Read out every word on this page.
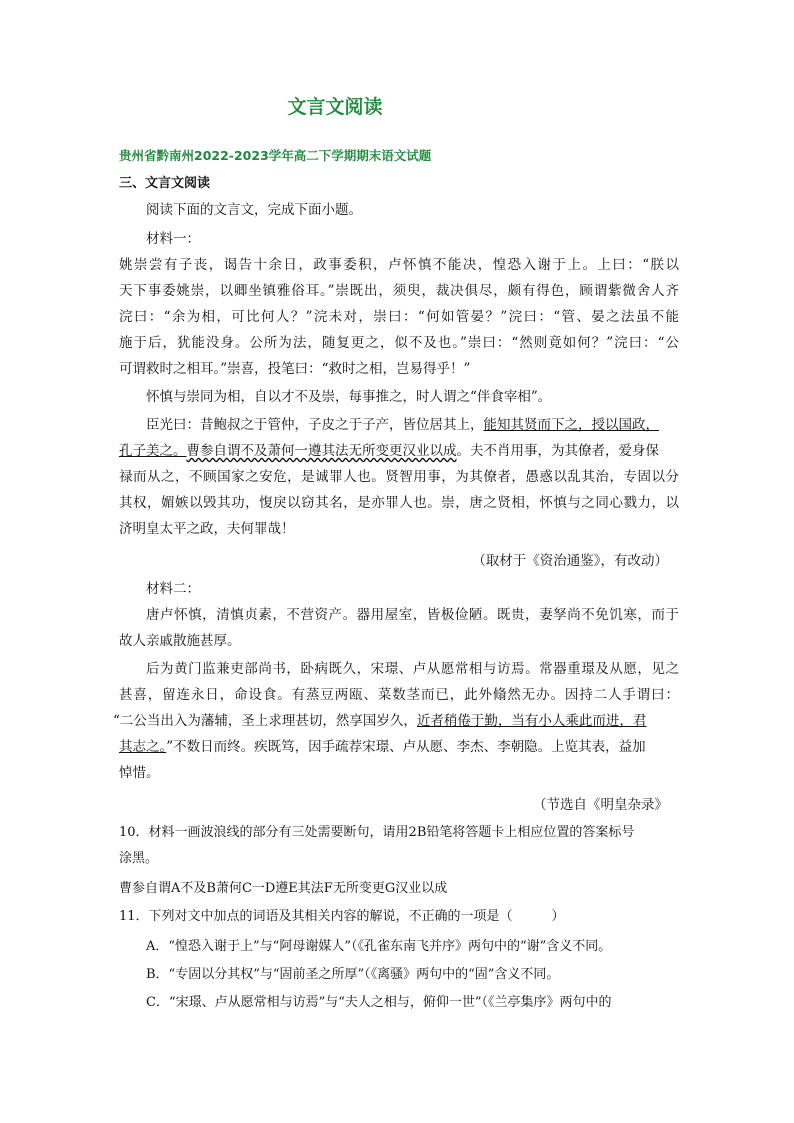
文言文阅读
贵州省黔南州2022-2023学年高二下学期期末语文试题
三、文言文阅读
阅读下面的文言文，完成下面小题。
材料一：
姚崇尝有子丧，谒告十余日，政事委积，卢怀慎不能决，惶恐入谢于上。上曰：“朕以
天下事委姚崇，以卿坐镇雅俗耳。”崇既出，须臾，裁决俱尽，颇有得色，顾谓紫微舍人齐
浣曰：“余为相，可比何人？”浣未对，崇曰：“何如管晏？”浣曰：“管、晏之法虽不能
施于后，犹能没身。公所为法，随复更之，似不及也。”崇曰：“然则竟如何？”浣曰：“公
可谓救时之相耳。”崇喜，投笔曰：“救时之相，岂易得乎！”
怀慎与崇同为相，自以才不及崇，每事推之，时人谓之“伴食宰相”。
臣光曰：昔鲍叔之于管仲，子皮之于子产，皆位居其上，能知其贤而下之，授以国政，
孔子美之。曹参自谓不及萧何一遵其法无所变更汉业以成。夫不肖用事，为其僚者，爱身保
禄而从之，不顾国家之安危，是诚罪人也。贤智用事，为其僚者，愚惑以乱其治，专固以分
其权，媚嫉以毁其功，愎戾以窃其名，是亦罪人也。崇，唐之贤相，怀慎与之同心戮力，以
济明皇太平之政，夫何罪哉！
（取材于《资治通鉴》，有改动）
材料二：
唐卢怀慎，清慎贞素，不营资产。器用屋室，皆极俭陋。既贵，妻孥尚不免饥寒，而于
故人亲戚散施甚厚。
后为黄门监兼吏部尚书，卧病既久，宋璟、卢从愿常相与访焉。常器重璟及从愿，见之
甚喜，留连永日，命设食。有蒸豆两瓯、菜数茎而已，此外翛然无办。因持二人手谓曰：
“二公当出入为藩辅，圣上求理甚切，然享国岁久，近者稍倦于勤，当有小人乘此而进，君
其志之。”不数日而终。疾既笃，因手疏荐宋璟、卢从愿、李杰、李朝隐。上览其表，益加
悼惜。
（节选自《明皇杂录》
10．材料一画波浪线的部分有三处需要断句，请用2B铅笔将答题卡上相应位置的答案标号
涂黑。
曹参自谓A不及B萧何C一D遵E其法F无所变更G汉业以成
11．下列对文中加点的词语及其相关内容的解说，不正确的一项是（　　　）
A．“惶恐入谢于上”与“阿母谢媒人”（《孔雀东南飞并序》两句中的“谢”含义不同。
B．“专固以分其权”与“固前圣之所厚”（《离骚》两句中的“固”含义不同。
C．“宋璟、卢从愿常相与访焉”与“夫人之相与，俯仰一世”（《兰亭集序》两句中的
